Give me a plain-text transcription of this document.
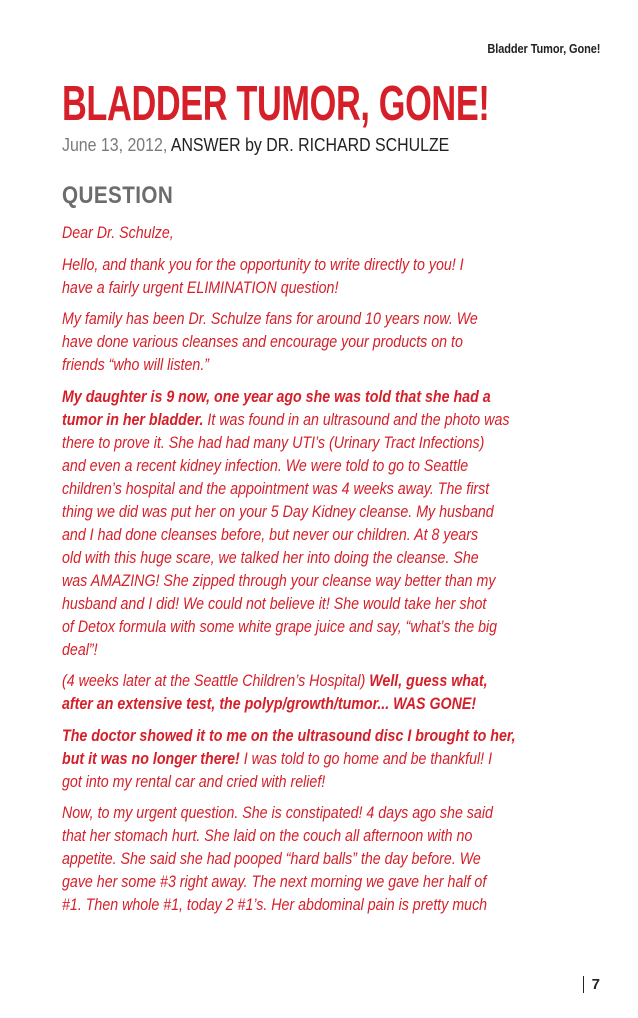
Bladder Tumor, Gone!
BLADDER TUMOR, GONE!
June 13, 2012, ANSWER by DR. RICHARD SCHULZE
QUESTION

Dear Dr. Schulze,

Hello, and thank you for the opportunity to write directly to you! I
have a fairly urgent ELIMINATION question!

My family has been Dr. Schulze fans for around 10 years now. We
have done various cleanses and encourage your products on to
friends “who will listen.”

My daughter is 9 now, one year ago she was told that she had a
tumor in her bladder. It was found in an ultrasound and the photo was
there to prove it. She had had many UTI’s (Urinary Tract Infections)
and even a recent kidney infection. We were told to go to Seattle
children’s hospital and the appointment was 4 weeks away. The first
thing we did was put her on your 5 Day Kidney cleanse. My husband
and I had done cleanses before, but never our children. At 8 years
old with this huge scare, we talked her into doing the cleanse. She
was AMAZING! She zipped through your cleanse way better than my
husband and I did! We could not believe it! She would take her shot
of Detox formula with some white grape juice and say, “what’s the big
deal”!

(4 weeks later at the Seattle Children’s Hospital) Well, guess what,
after an extensive test, the polyp/growth/tumor... WAS GONE!

The doctor showed it to me on the ultrasound disc I brought to her,
but it was no longer there! I was told to go home and be thankful! I
got into my rental car and cried with relief!

Now, to my urgent question. She is constipated! 4 days ago she said
that her stomach hurt. She laid on the couch all afternoon with no
appetite. She said she had pooped “hard balls” the day before. We
gave her some #3 right away. The next morning we gave her half of
#1. Then whole #1, today 2 #1’s. Her abdominal pain is pretty much

7
